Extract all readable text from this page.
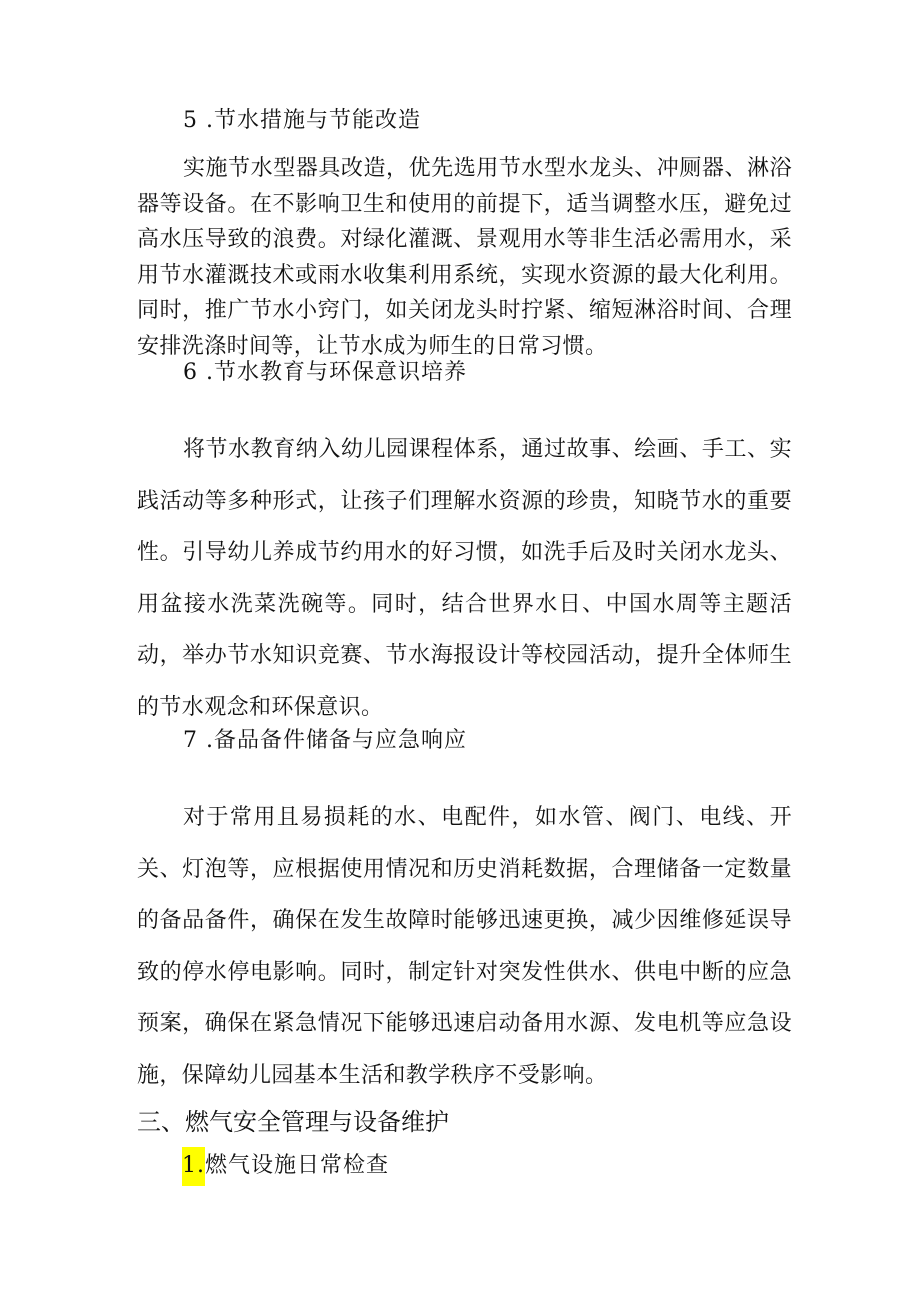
5 .节水措施与节能改造
实施节水型器具改造，优先选用节水型水龙头、冲厕器、淋浴器等设备。在不影响卫生和使用的前提下，适当调整水压，避免过高水压导致的浪费。对绿化灌溉、景观用水等非生活必需用水，采用节水灌溉技术或雨水收集利用系统，实现水资源的最大化利用。同时，推广节水小窍门，如关闭龙头时拧紧、缩短淋浴时间、合理安排洗涤时间等，让节水成为师生的日常习惯。
6 .节水教育与环保意识培养
将节水教育纳入幼儿园课程体系，通过故事、绘画、手工、实践活动等多种形式，让孩子们理解水资源的珍贵，知晓节水的重要性。引导幼儿养成节约用水的好习惯，如洗手后及时关闭水龙头、用盆接水洗菜洗碗等。同时，结合世界水日、中国水周等主题活动，举办节水知识竞赛、节水海报设计等校园活动，提升全体师生的节水观念和环保意识。
7 .备品备件储备与应急响应
对于常用且易损耗的水、电配件，如水管、阀门、电线、开关、灯泡等，应根据使用情况和历史消耗数据，合理储备一定数量的备品备件，确保在发生故障时能够迅速更换，减少因维修延误导致的停水停电影响。同时，制定针对突发性供水、供电中断的应急预案，确保在紧急情况下能够迅速启动备用水源、发电机等应急设施，保障幼儿园基本生活和教学秩序不受影响。
三、燃气安全管理与设备维护
1.燃气设施日常检查
